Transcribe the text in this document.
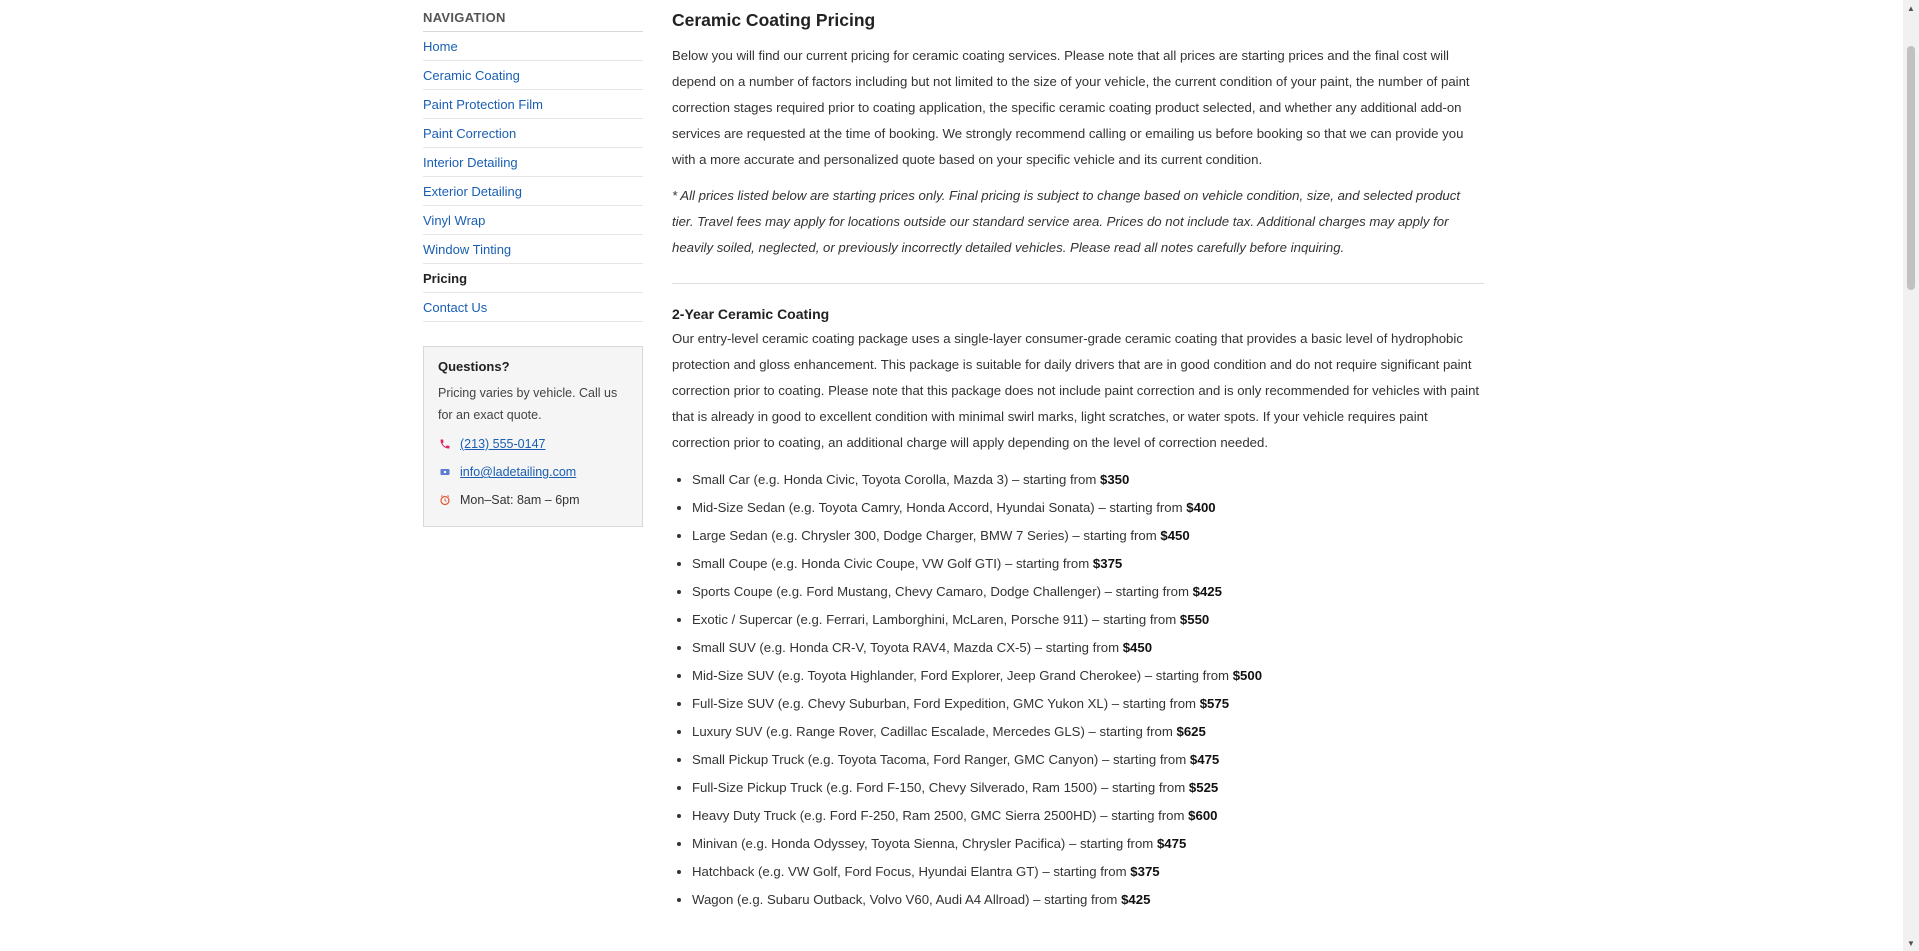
NAVIGATION
Home
Ceramic Coating
Paint Protection Film
Paint Correction
Interior Detailing
Exterior Detailing
Vinyl Wrap
Window Tinting
Pricing
Contact Us
Questions?

Pricing varies by vehicle. Call us for an exact quote.

(213) 555-0147
info@ladetailing.com
Mon–Sat: 8am – 6pm
Ceramic Coating Pricing

Below you will find our current pricing for ceramic coating services. Please note that all prices are starting prices and the final cost will depend on a number of factors including but not limited to the size of your vehicle, the current condition of your paint, the number of paint correction stages required prior to coating application, the specific ceramic coating product selected, and whether any additional add-on services are requested at the time of booking. We strongly recommend calling or emailing us before booking so that we can provide you with a more accurate and personalized quote based on your specific vehicle and its current condition.

* All prices listed below are starting prices only. Final pricing is subject to change based on vehicle condition, size, and selected product tier. Travel fees may apply for locations outside our standard service area. Prices do not include tax. Additional charges may apply for heavily soiled, neglected, or previously incorrectly detailed vehicles. Please read all notes carefully before inquiring.

2-Year Ceramic Coating

Our entry-level ceramic coating package uses a single-layer consumer-grade ceramic coating that provides a basic level of hydrophobic protection and gloss enhancement. This package is suitable for daily drivers that are in good condition and do not require significant paint correction prior to coating. Please note that this package does not include paint correction and is only recommended for vehicles with paint that is already in good to excellent condition with minimal swirl marks, light scratches, or water spots. If your vehicle requires paint correction prior to coating, an additional charge will apply depending on the level of correction needed.

• Small Car (e.g. Honda Civic, Toyota Corolla, Mazda 3) – starting from $350
• Mid-Size Sedan (e.g. Toyota Camry, Honda Accord, Hyundai Sonata) – starting from $400
• Large Sedan (e.g. Chrysler 300, Dodge Charger, BMW 7 Series) – starting from $450
• Small Coupe (e.g. Honda Civic Coupe, VW Golf GTI) – starting from $375
• Sports Coupe (e.g. Ford Mustang, Chevy Camaro, Dodge Challenger) – starting from $425
• Exotic / Supercar (e.g. Ferrari, Lamborghini, McLaren, Porsche 911) – starting from $550
• Small SUV (e.g. Honda CR-V, Toyota RAV4, Mazda CX-5) – starting from $450
• Mid-Size SUV (e.g. Toyota Highlander, Ford Explorer, Jeep Grand Cherokee) – starting from $500
• Full-Size SUV (e.g. Chevy Suburban, Ford Expedition, GMC Yukon XL) – starting from $575
• Luxury SUV (e.g. Range Rover, Cadillac Escalade, Mercedes GLS) – starting from $625
• Small Pickup Truck (e.g. Toyota Tacoma, Ford Ranger, GMC Canyon) – starting from $475
• Full-Size Pickup Truck (e.g. Ford F-150, Chevy Silverado, Ram 1500) – starting from $525
• Heavy Duty Truck (e.g. Ford F-250, Ram 2500, GMC Sierra 2500HD) – starting from $600
• Minivan (e.g. Honda Odyssey, Toyota Sienna, Chrysler Pacifica) – starting from $475
• Hatchback (e.g. VW Golf, Ford Focus, Hyundai Elantra GT) – starting from $375
• Wagon (e.g. Subaru Outback, Volvo V60, Audi A4 Allroad) – starting from $425
▲
▼
